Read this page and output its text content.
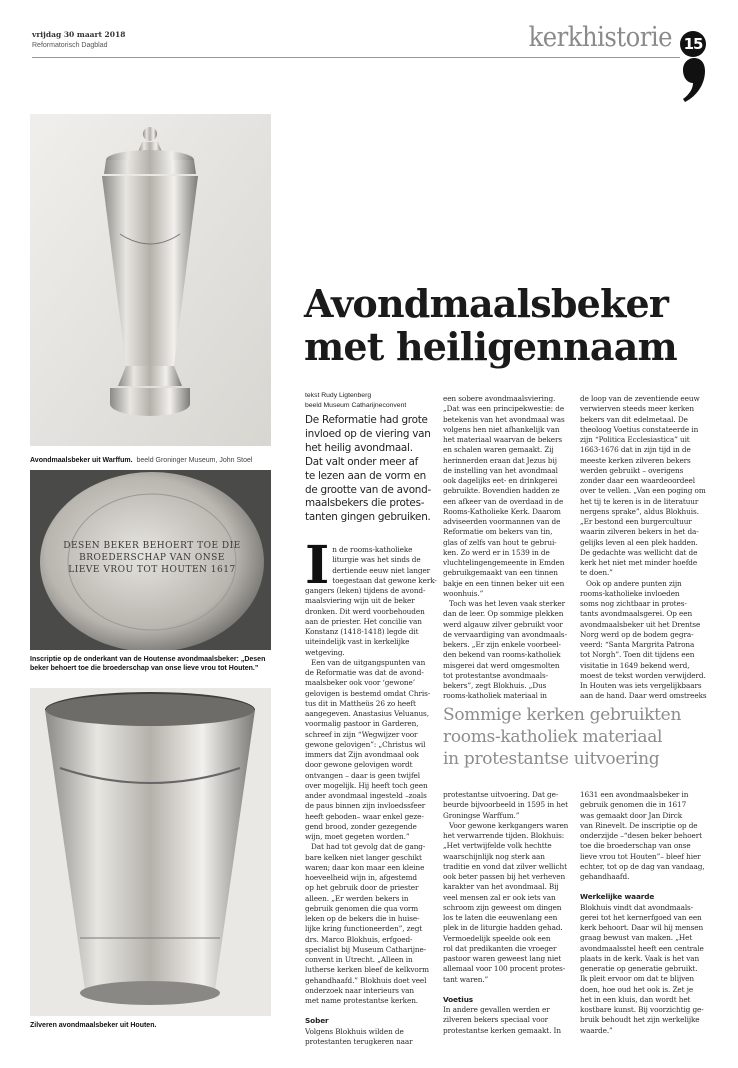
vrijdag 30 maart 2018
Reformatorisch Dagblad	kerkhistorie 15
Avondmaalsbeker uit Warffum. beeld Groninger Museum, John Stoel
DESEN BEKER BEHOERT TOE DIE BROEDERSCHAP VAN ONSE LIEVE VROU TOT HOUTEN 1617
Inscriptie op de onderkant van de Houtense avondmaalsbeker: „Desen beker behoert toe die broederschap van onse lieve vrou tot Houten.”
Zilveren avondmaalsbeker uit Houten.
Avondmaalsbeker
met heiligennaam
tekst Rudy Ligtenberg
beeld Museum Catharijneconvent
De Reformatie had grote
invloed op de viering van
het heilig avondmaal.
Dat valt onder meer af
te lezen aan de vorm en
de grootte van de avond-
maalsbekers die protes-
tanten gingen gebruiken.
I n de rooms-katholieke
liturgie was het sinds de
dertiende eeuw niet langer
toegestaan dat gewone kerk-
gangers (leken) tijdens de avond-
maalsviering wijn uit de beker
dronken. Dit werd voorbehouden
aan de priester. Het concilie van
Konstanz (1418-1418) legde dit
uiteindelijk vast in kerkelijke
wetgeving.

Een van de uitgangspunten van
de Reformatie was dat de avond-
maalsbeker ook voor ‘gewone’
gelovigen is bestemd omdat Chris-
tus dit in Mattheüs 26 zo heeft
aangegeven. Anastasius Veluanus,
voormalig pastoor in Garderen,
schreef in zijn “Wegwijzer voor
gewone gelovigen”: „Christus wil
immers dat Zijn avondmaal ook
door gewone gelovigen wordt
ontvangen – daar is geen twijfel
over mogelijk. Hij heeft toch geen
ander avondmaal ingesteld –zoals
de paus binnen zijn invloedssfeer
heeft geboden– waar enkel geze-
gend brood, zonder gezegende
wijn, moet gegeten worden.”

Dat had tot gevolg dat de gang-
bare kelken niet langer geschikt
waren; daar kon maar een kleine
hoeveelheid wijn in, afgestemd
op het gebruik door de priester
alleen. „Er werden bekers in
gebruik genomen die qua vorm
leken op de bekers die in huise-
lijke kring functioneerden”, zegt
drs. Marco Blokhuis, erfgoed-
specialist bij Museum Catharijne-
convent in Utrecht. „Alleen in
lutherse kerken bleef de kelkvorm
gehandhaafd.” Blokhuis doet veel
onderzoek naar interieurs van
met name protestantse kerken.

Sober

Volgens Blokhuis wilden de
protestanten terugkeren naar

een sobere avondmaalsviering.
„Dat was een principekwestie: de
betekenis van het avondmaal was
volgens hen niet afhankelijk van
het materiaal waarvan de bekers
en schalen waren gemaakt. Zij
herinnerden eraan dat Jezus bij
de instelling van het avondmaal
ook dagelijks eet- en drinkgerei
gebruikte. Bovendien hadden ze
een afkeer van de overdaad in de
Rooms-Katholieke Kerk. Daarom
adviseerden voormannen van de
Reformatie om bekers van tin,
glas of zelfs van hout te gebrui-
ken. Zo werd er in 1539 in de
vluchtelingengemeente in Emden
gebruikgemaakt van een tinnen
bakje en een tinnen beker uit een
woonhuis.”

Toch was het leven vaak sterker
dan de leer. Op sommige plekken
werd algauw zilver gebruikt voor
de vervaardiging van avondmaals-
bekers. „Er zijn enkele voorbeel-
den bekend van rooms-katholiek
misgerei dat werd omgesmolten
tot protestantse avondmaals-
bekers”, zegt Blokhuis. „Dus
rooms-katholiek materiaal in

de loop van de zeventiende eeuw
verwierven steeds meer kerken
bekers van dit edelmetaal. De
theoloog Voetius constateerde in
zijn “Politica Ecclesiastica” uit
1663-1676 dat in zijn tijd in de
meeste kerken zilveren bekers
werden gebruikt – overigens
zonder daar een waardeoordeel
over te vellen. „Van een poging om
het tij te keren is in de literatuur
nergens sprake”, aldus Blokhuis.
„Er bestond een burgercultuur
waarin zilveren bekers in het da-
gelijks leven al een plek hadden.
De gedachte was wellicht dat de
kerk het niet met minder hoefde
te doen.”

Ook op andere punten zijn
rooms-katholieke invloeden
soms nog zichtbaar in protes-
tants avondmaalsgerei. Op een
avondmaalsbeker uit het Drentse
Norg werd op de bodem gegra-
veerd: “Santa Margrita Patrona
tot Norgh”. Toen dit tijdens een
visitatie in 1649 bekend werd,
moest de tekst worden verwijderd.
In Houten was iets vergelijkbaars
aan de hand. Daar werd omstreeks

Sommige kerken gebruikten
rooms-katholiek materiaal
in protestantse uitvoering

protestantse uitvoering. Dat ge-
beurde bijvoorbeeld in 1595 in het
Groningse Warffum.”

Voor gewone kerkgangers waren
het verwarrende tijden. Blokhuis:
„Het vertwijfelde volk hechtte
waarschijnlijk nog sterk aan
traditie en vond dat zilver wellicht
ook beter passen bij het verheven
karakter van het avondmaal. Bij
veel mensen zal er ook iets van
schroom zijn geweest om dingen
los te laten die eeuwenlang een
plek in de liturgie hadden gehad.
Vermoedelijk speelde ook een
rol dat predikanten die vroeger
pastoor waren geweest lang niet
allemaal voor 100 procent protes-
tant waren.”

Voetius

In andere gevallen werden er
zilveren bekers speciaal voor
protestantse kerken gemaakt. In

1631 een avondmaalsbeker in
gebruik genomen die in 1617
was gemaakt door Jan Dirck
van Rinevelt. De inscriptie op de
onderzijde –“desen beker behoert
toe die broederschap van onse
lieve vrou tot Houten”– bleef hier
echter, tot op de dag van vandaag,
gehandhaafd.

Werkelijke waarde

Blokhuis vindt dat avondmaals-
gerei tot het kernerfgoed van een
kerk behoort. Daar wil hij mensen
graag bewust van maken. „Het
avondmaalsstel heeft een centrale
plaats in de kerk. Vaak is het van
generatie op generatie gebruikt.
Ik pleit ervoor om dat te blijven
doen, hoe oud het ook is. Zet je
het in een kluis, dan wordt het
kostbare kunst. Bij voorzichtig ge-
bruik behoudt het zijn werkelijke
waarde.”
